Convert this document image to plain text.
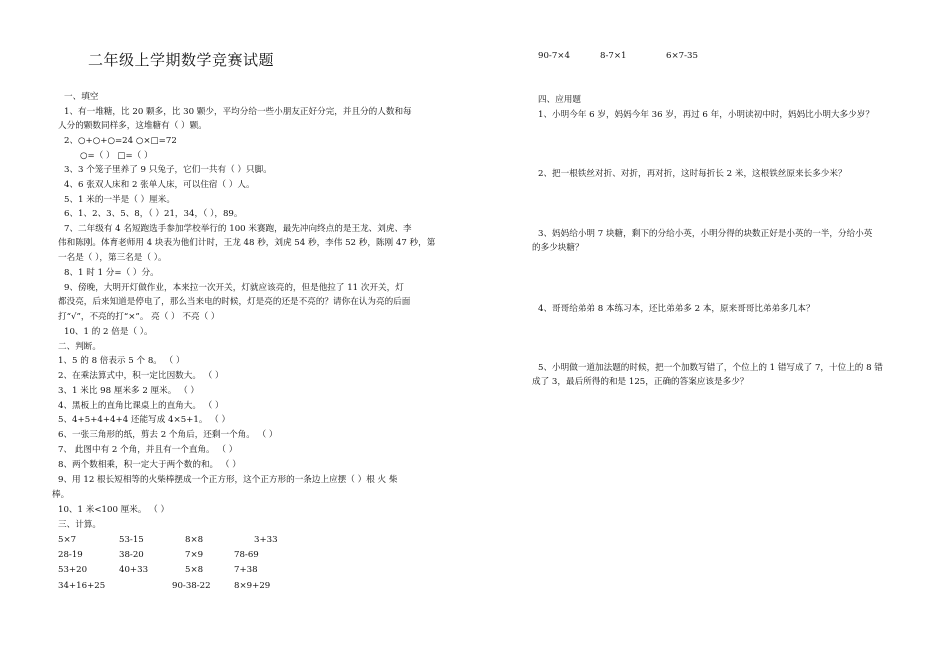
二年级上学期数学竞赛试题
一、填空
1、有一堆糖，比 20 颗多，比 30 颗少，平均分给一些小朋友正好分完，并且分的人数和每
人分的颗数同样多，这堆糖有（ ）颗。
2、○+○+○=24 ○×□=72
○=（ ） □=（ ）
3、3 个笼子里养了 9 只兔子，它们一共有（ ）只脚。
4、6 张双人床和 2 张单人床，可以住宿（ ）人。
5、1 米的一半是（ ）厘米。
6、1、2、3、5、8，（ ）21，34，（ ），89。
7、二年级有 4 名短跑选手参加学校举行的 100 米赛跑，最先冲向终点的是王龙、刘虎、李
伟和陈刚。体育老师用 4 块表为他们计时，王龙 48 秒，刘虎 54 秒，李伟 52 秒，陈刚 47 秒，第
一名是（ ），第三名是（ ）。
8、1 时 1 分=（ ）分。
9、傍晚，大明开灯做作业，本来拉一次开关，灯就应该亮的，但是他拉了 11 次开关，灯
都没亮，后来知道是停电了，那么当来电的时候，灯是亮的还是不亮的？请你在认为亮的后面
打“√”，不亮的打“×”。 亮（ ） 不亮（ ）
10、1 的 2 倍是（ ）。
二、判断。
1、5 的 8 倍表示 5 个 8。 （ ）
2、在乘法算式中，积一定比因数大。 （ ）
3、1 米比 98 厘米多 2 厘米。 （ ）
4、黑板上的直角比课桌上的直角大。 （ ）
5、4+5+4+4+4 还能写成 4×5+1。 （ ）
6、一张三角形的纸，剪去 2 个角后，还剩一个角。 （ ）
7、 此图中有 2 个角，并且有一个直角。 （ ）
8、两个数相乘，积一定大于两个数的和。 （ ）
9、用 12 根长短相等的火柴棒摆成一个正方形，这个正方形的一条边上应摆（ ）根 火 柴
棒。
10、1 米<100 厘米。 （ ）
三、计算。
5×7	53-15	8×8	3+33
28-19	38-20	7×9	78-69
53+20	40+33	5×8	7+38
34+16+25	90-38-22	8×9+29
90-7×4	8-7×1	6×7-35
四、应用题
1、小明今年 6 岁，妈妈今年 36 岁，再过 6 年，小明读初中时，妈妈比小明大多少岁？
2、把一根铁丝对折、对折，再对折，这时每折长 2 米，这根铁丝原来长多少米？
3、妈妈给小明 7 块糖，剩下的分给小英，小明分得的块数正好是小英的一半，分给小英
的多少块糖？
4、哥哥给弟弟 8 本练习本，还比弟弟多 2 本，原来哥哥比弟弟多几本？
5、小明做一道加法题的时候，把一个加数写错了，个位上的 1 错写成了 7，十位上的 8 错
成了 3，最后所得的和是 125，正确的答案应该是多少？
